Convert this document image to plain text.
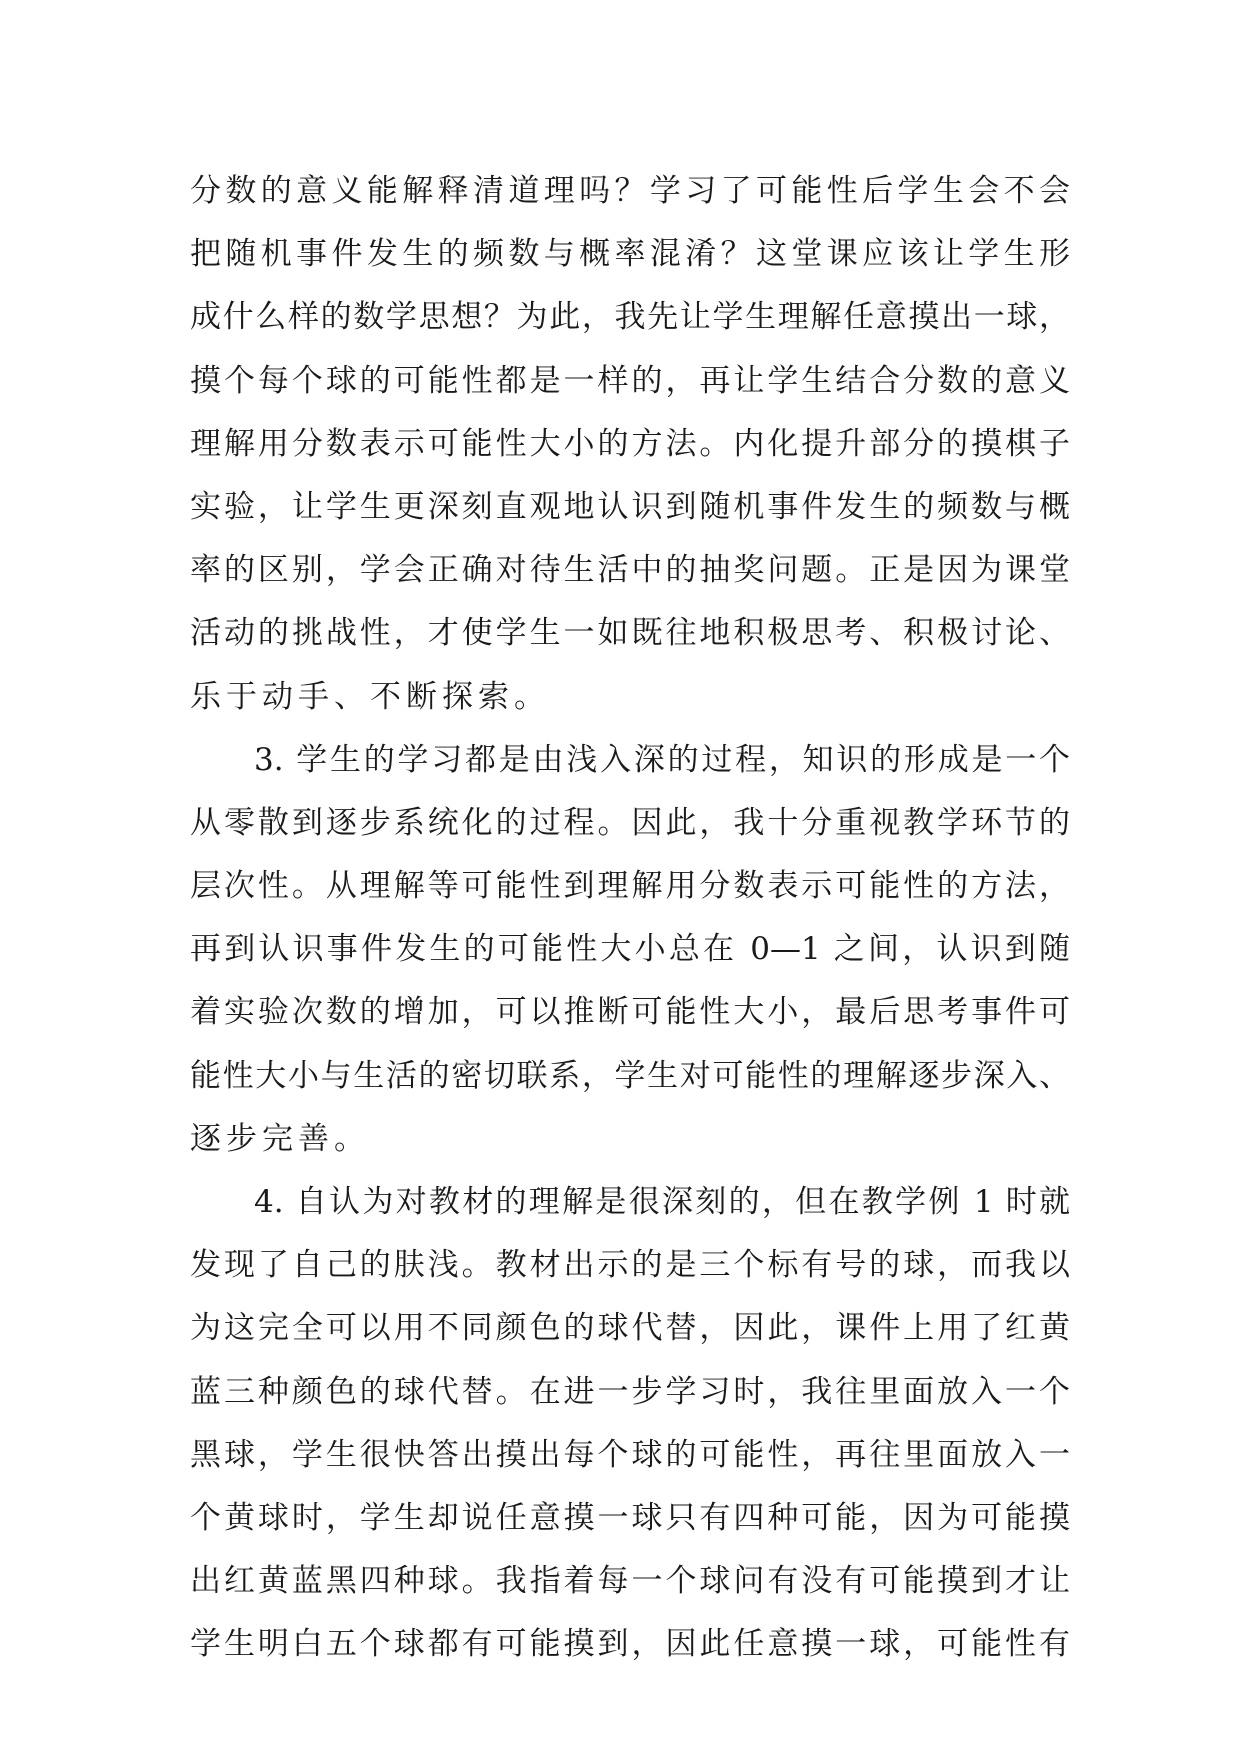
分数的意义能解释清道理吗？学习了可能性后学生会不会
把随机事件发生的频数与概率混淆？这堂课应该让学生形
成什么样的数学思想？为此，我先让学生理解任意摸出一球，
摸个每个球的可能性都是一样的，再让学生结合分数的意义
理解用分数表示可能性大小的方法。内化提升部分的摸棋子
实验，让学生更深刻直观地认识到随机事件发生的频数与概
率的区别，学会正确对待生活中的抽奖问题。正是因为课堂
活动的挑战性，才使学生一如既往地积极思考、积极讨论、
乐于动手、不断探索。
3. 学生的学习都是由浅入深的过程，知识的形成是一个
从零散到逐步系统化的过程。因此，我十分重视教学环节的
层次性。从理解等可能性到理解用分数表示可能性的方法，
再到认识事件发生的可能性大小总在 0—1 之间，认识到随
着实验次数的增加，可以推断可能性大小，最后思考事件可
能性大小与生活的密切联系，学生对可能性的理解逐步深入、
逐步完善。
4. 自认为对教材的理解是很深刻的，但在教学例 1 时就
发现了自己的肤浅。教材出示的是三个标有号的球，而我以
为这完全可以用不同颜色的球代替，因此，课件上用了红黄
蓝三种颜色的球代替。在进一步学习时，我往里面放入一个
黑球，学生很快答出摸出每个球的可能性，再往里面放入一
个黄球时，学生却说任意摸一球只有四种可能，因为可能摸
出红黄蓝黑四种球。我指着每一个球问有没有可能摸到才让
学生明白五个球都有可能摸到，因此任意摸一球，可能性有
